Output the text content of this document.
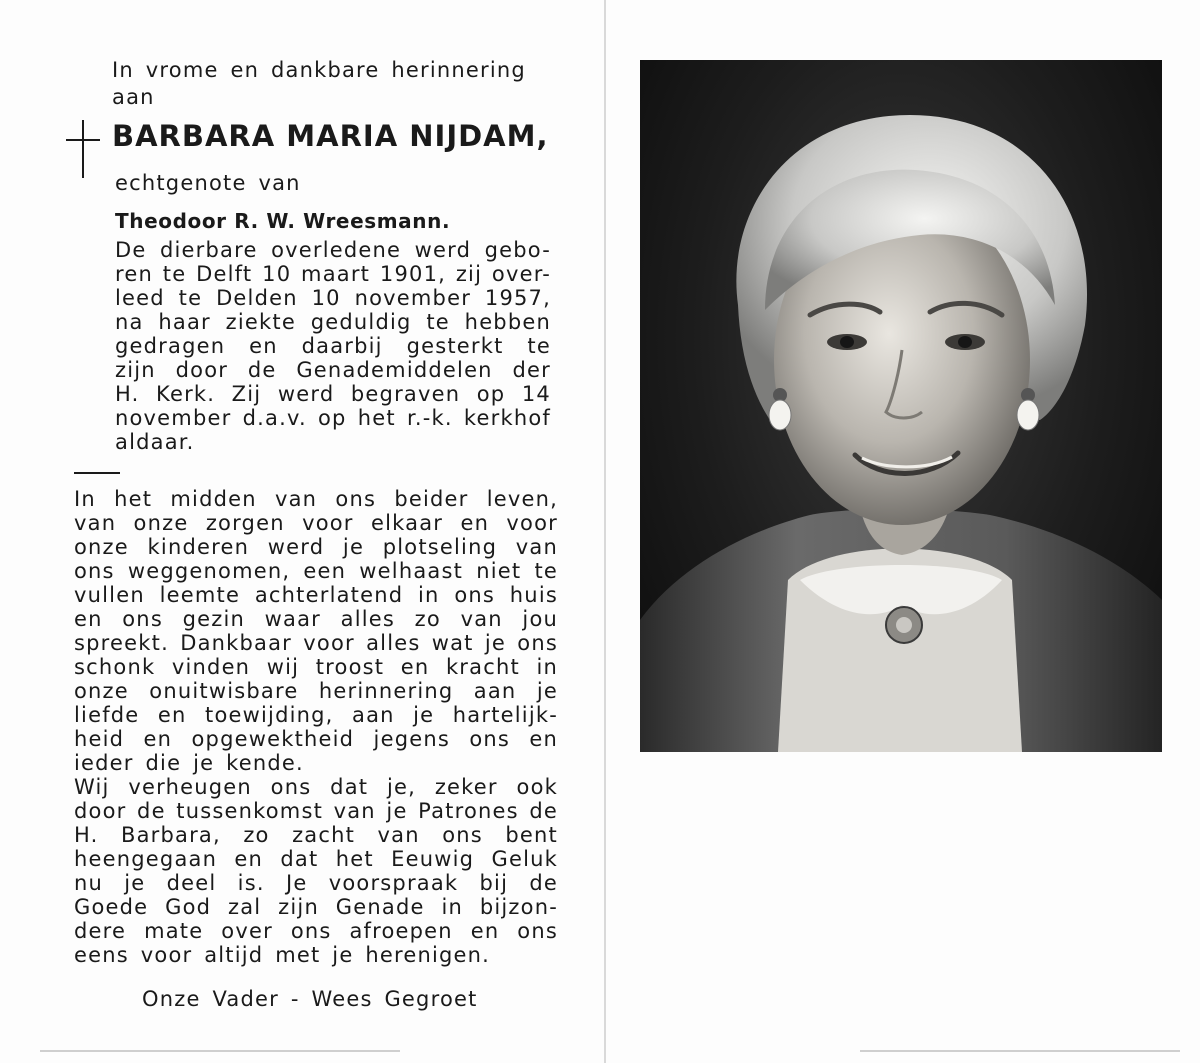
In vrome en dankbare herinnering
aan
BARBARA MARIA NIJDAM,
echtgenote van
Theodoor R. W. Wreesmann.
De dierbare overledene werd gebo-
ren te Delft 10 maart 1901, zij over-
leed te Delden 10 november 1957,
na haar ziekte geduldig te hebben
gedragen en daarbij gesterkt te
zijn door de Genademiddelen der
H. Kerk. Zij werd begraven op 14
november d.a.v. op het r.-k. kerkhof
aldaar.
In het midden van ons beider leven,
van onze zorgen voor elkaar en voor
onze kinderen werd je plotseling van
ons weggenomen, een welhaast niet te
vullen leemte achterlatend in ons huis
en ons gezin waar alles zo van jou
spreekt. Dankbaar voor alles wat je ons
schonk vinden wij troost en kracht in
onze onuitwisbare herinnering aan je
liefde en toewijding, aan je hartelijk-
heid en opgewektheid jegens ons en
ieder die je kende.
Wij verheugen ons dat je, zeker ook
door de tussenkomst van je Patrones de
H. Barbara, zo zacht van ons bent
heengegaan en dat het Eeuwig Geluk
nu je deel is. Je voorspraak bij de
Goede God zal zijn Genade in bijzon-
dere mate over ons afroepen en ons
eens voor altijd met je herenigen.
Onze Vader - Wees Gegroet
